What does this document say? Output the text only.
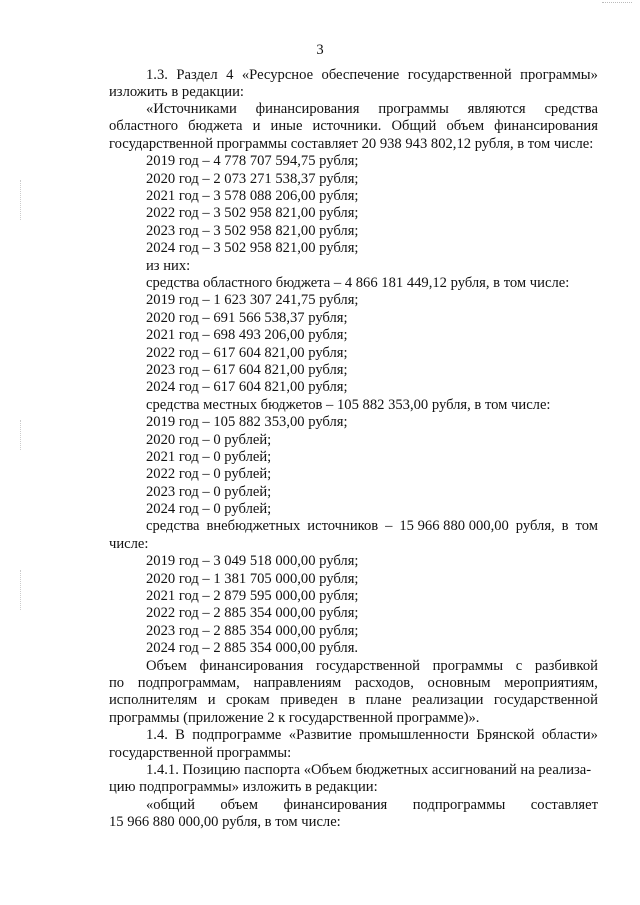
3
1.3. Раздел 4 «Ресурсное обеспечение государственной программы»
изложить в редакции:
«Источниками финансирования программы являются средства
областного бюджета и иные источники. Общий объем финансирования
государственной программы составляет 20 938 943 802,12 рубля, в том числе:
2019 год – 4 778 707 594,75 рубля;
2020 год – 2 073 271 538,37 рубля;
2021 год – 3 578 088 206,00 рубля;
2022 год – 3 502 958 821,00 рубля;
2023 год – 3 502 958 821,00 рубля;
2024 год – 3 502 958 821,00 рубля;
из них:
средства областного бюджета – 4 866 181 449,12 рубля, в том числе:
2019 год – 1 623 307 241,75 рубля;
2020 год – 691 566 538,37 рубля;
2021 год – 698 493 206,00 рубля;
2022 год – 617 604 821,00 рубля;
2023 год – 617 604 821,00 рубля;
2024 год – 617 604 821,00 рубля;
средства местных бюджетов – 105 882 353,00 рубля, в том числе:
2019 год – 105 882 353,00 рубля;
2020 год – 0 рублей;
2021 год – 0 рублей;
2022 год – 0 рублей;
2023 год – 0 рублей;
2024 год – 0 рублей;
средства внебюджетных источников – 15 966 880 000,00 рубля, в том
числе:
2019 год – 3 049 518 000,00 рубля;
2020 год – 1 381 705 000,00 рубля;
2021 год – 2 879 595 000,00 рубля;
2022 год – 2 885 354 000,00 рубля;
2023 год – 2 885 354 000,00 рубля;
2024 год – 2 885 354 000,00 рубля.
Объем финансирования государственной программы с разбивкой
по подпрограммам, направлениям расходов, основным мероприятиям,
исполнителям и срокам приведен в плане реализации государственной
программы (приложение 2 к государственной программе)».
1.4. В подпрограмме «Развитие промышленности Брянской области»
государственной программы:
1.4.1. Позицию паспорта «Объем бюджетных ассигнований на реализа-
цию подпрограммы» изложить в редакции:
«общий объем финансирования подпрограммы составляет
15 966 880 000,00 рубля, в том числе:
